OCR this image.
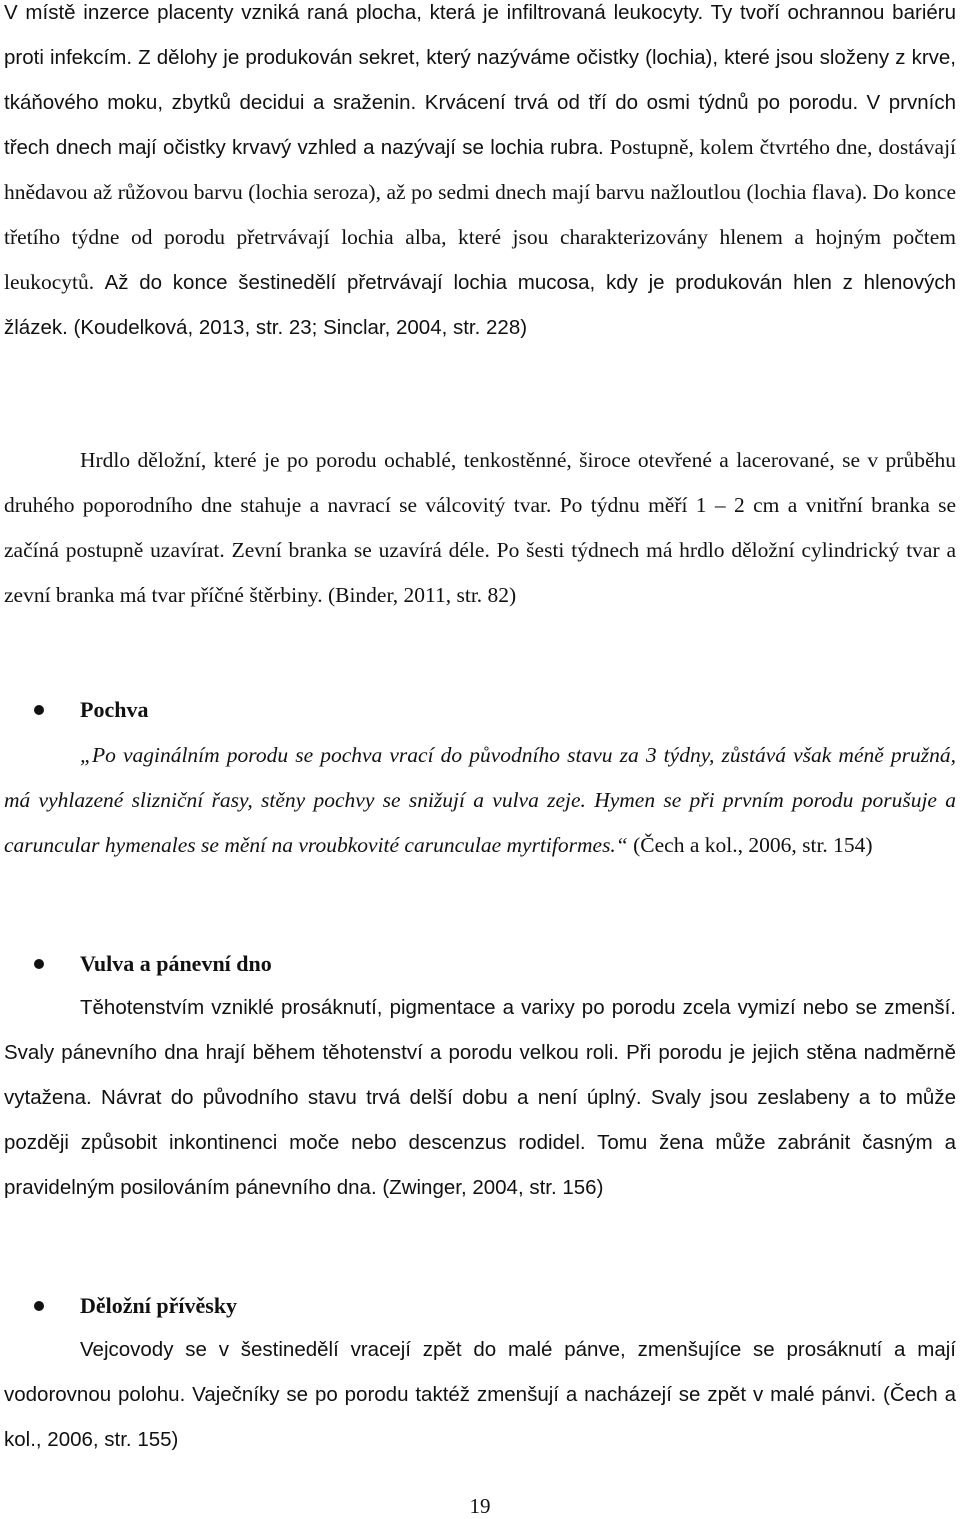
V místě inzerce placenty vzniká raná plocha, která je infiltrovaná leukocyty. Ty tvoří ochrannou bariéru proti infekcím. Z dělohy je produkován sekret, který nazýváme očistky (lochia), které jsou složeny z krve, tkáňového moku, zbytků decidui a sraženin. Krvácení trvá od tří do osmi týdnů po porodu. V prvních třech dnech mají očistky krvavý vzhled a nazývají se lochia rubra. Postupně, kolem čtvrtého dne, dostávají hnědavou až růžovou barvu (lochia seroza), až po sedmi dnech mají barvu nažloutlou (lochia flava). Do konce třetího týdne od porodu přetrvávají lochia alba, které jsou charakterizovány hlenem a hojným počtem leukocytů. Až do konce šestinedělí přetrvávají lochia mucosa, kdy je produkován hlen z hlenových žlázek. (Koudelková, 2013, str. 23; Sinclar, 2004, str. 228)

Hrdlo děložní, které je po porodu ochablé, tenkostěnné, široce otevřené a lacerované, se v průběhu druhého poporodního dne stahuje a navrací se válcovitý tvar. Po týdnu měří 1 – 2 cm a vnitřní branka se začíná postupně uzavírat. Zevní branka se uzavírá déle. Po šesti týdnech má hrdlo děložní cylindrický tvar a zevní branka má tvar příčné štěrbiny. (Binder, 2011, str. 82)

Pochva

„Po vaginálním porodu se pochva vrací do původního stavu za 3 týdny, zůstává však méně pružná, má vyhlazené slizniční řasy, stěny pochvy se snižují a vulva zeje. Hymen se při prvním porodu porušuje a caruncular hymenales se mění na vroubkovité carunculae myrtiformes.“ (Čech a kol., 2006, str. 154)

Vulva a pánevní dno

Těhotenstvím vzniklé prosáknutí, pigmentace a varixy po porodu zcela vymizí nebo se zmenší. Svaly pánevního dna hrají během těhotenství a porodu velkou roli. Při porodu je jejich stěna nadměrně vytažena. Návrat do původního stavu trvá delší dobu a není úplný. Svaly jsou zeslabeny a to může později způsobit inkontinenci moče nebo descenzus rodidel. Tomu žena může zabránit časným a pravidelným posilováním pánevního dna. (Zwinger, 2004, str. 156)

Děložní přívěsky

Vejcovody se v šestinedělí vracejí zpět do malé pánve, zmenšujíce se prosáknutí a mají vodorovnou polohu. Vaječníky se po porodu taktéž zmenšují a nacházejí se zpět v malé pánvi. (Čech a kol., 2006, str. 155)

19
